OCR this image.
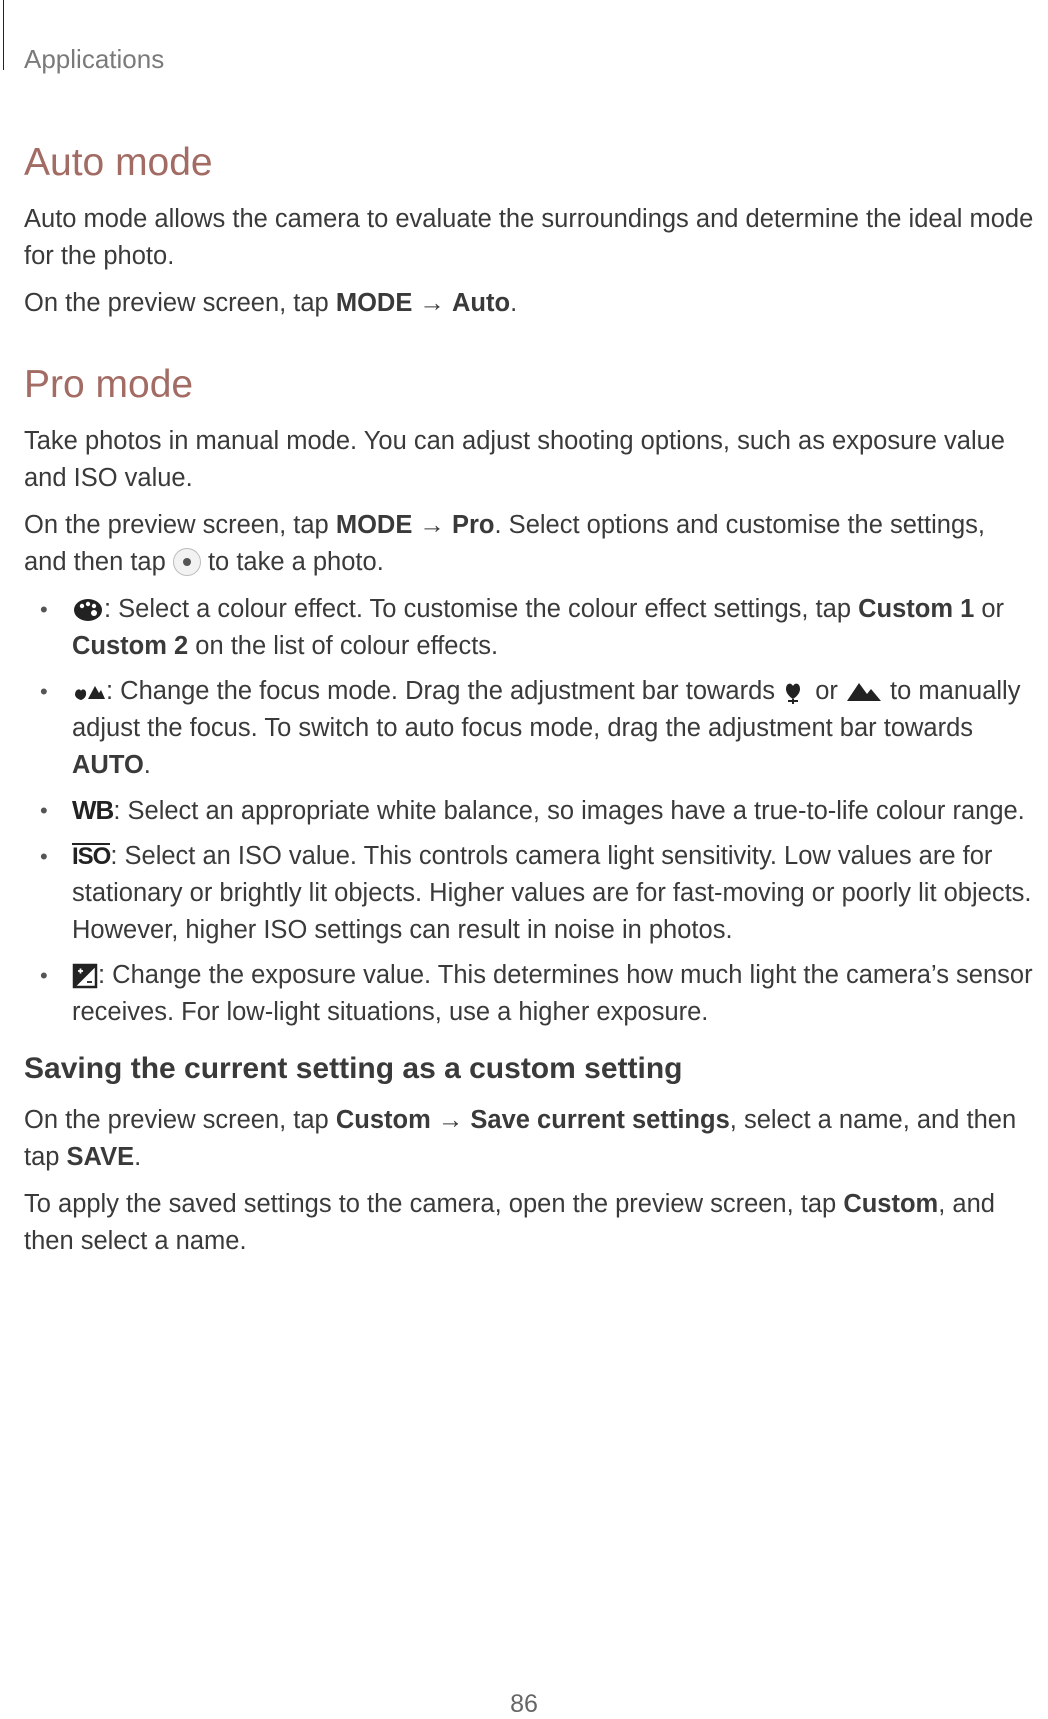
Applications
Auto mode

Auto mode allows the camera to evaluate the surroundings and determine the ideal mode for the photo.

On the preview screen, tap MODE → Auto.

Pro mode

Take photos in manual mode. You can adjust shooting options, such as exposure value and ISO value.

On the preview screen, tap MODE → Pro. Select options and customise the settings, and then tap  to take a photo.

• : Select a colour effect. To customise the colour effect settings, tap Custom 1 or Custom 2 on the list of colour effects.
• : Change the focus mode. Drag the adjustment bar towards  or  to manually adjust the focus. To switch to auto focus mode, drag the adjustment bar towards AUTO.
• WB: Select an appropriate white balance, so images have a true-to-life colour range.
• ISO: Select an ISO value. This controls camera light sensitivity. Low values are for stationary or brightly lit objects. Higher values are for fast-moving or poorly lit objects. However, higher ISO settings can result in noise in photos.
• : Change the exposure value. This determines how much light the camera’s sensor receives. For low-light situations, use a higher exposure.
Saving the current setting as a custom setting

On the preview screen, tap Custom → Save current settings, select a name, and then tap SAVE.

To apply the saved settings to the camera, open the preview screen, tap Custom, and then select a name.

86
